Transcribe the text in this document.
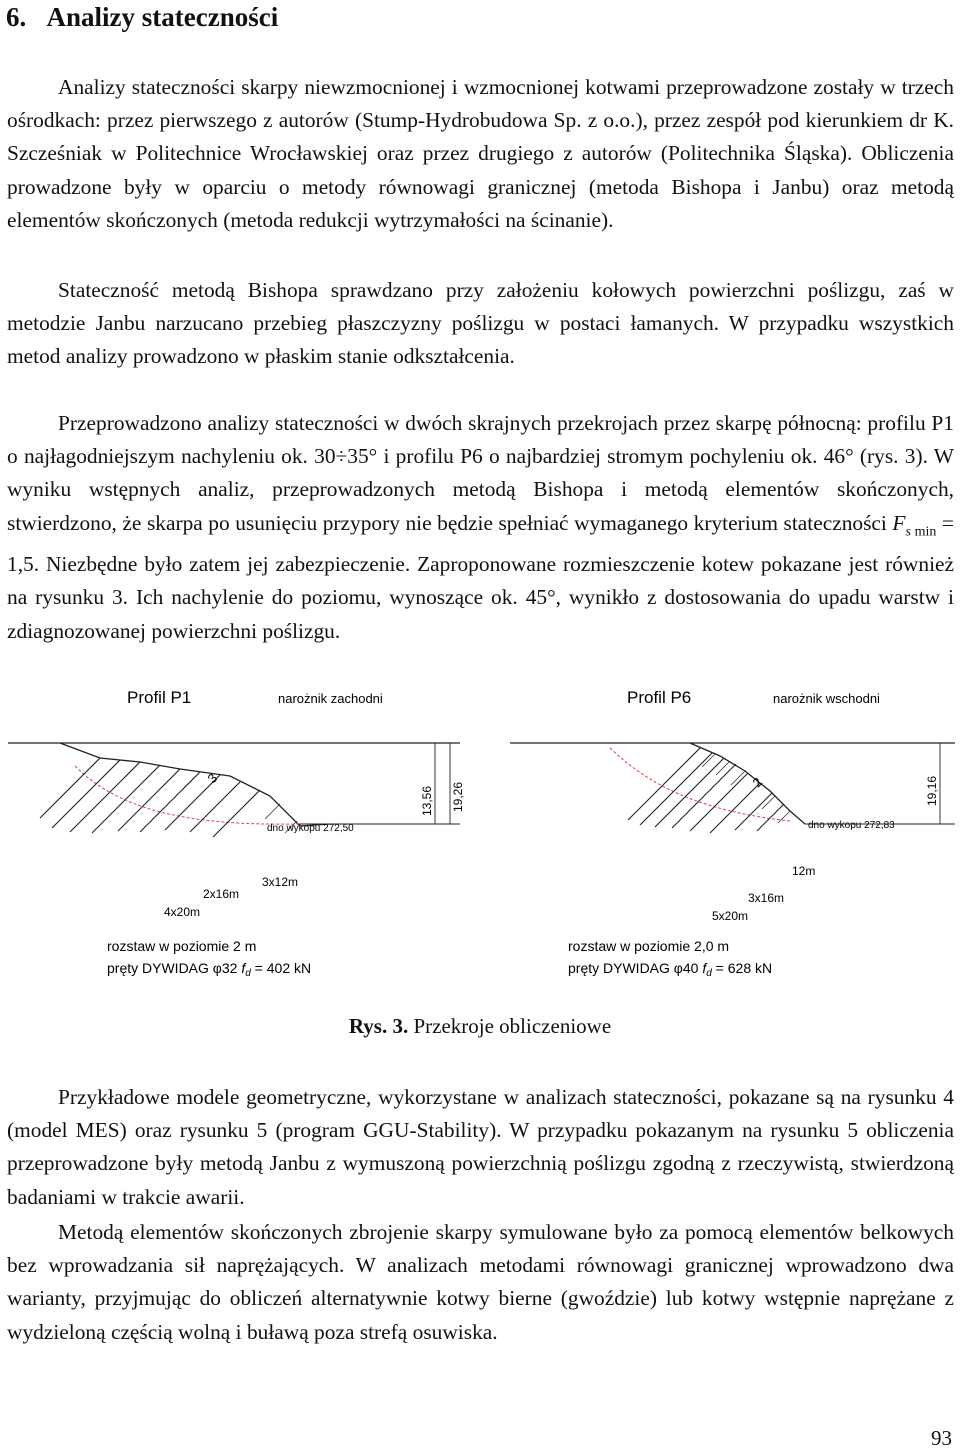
6. Analizy stateczności

Analizy stateczności skarpy niewzmocnionej i wzmocnionej kotwami przeprowadzone zostały w trzech ośrodkach: przez pierwszego z autorów (Stump-Hydrobudowa Sp. z o.o.), przez zespół pod kierunkiem dr K. Szcześniak w Politechnice Wrocławskiej oraz przez drugiego z autorów (Politechnika Śląska). Obliczenia prowadzone były w oparciu o metody równowagi granicznej (metoda Bishopa i Janbu) oraz metodą elementów skończonych (metoda redukcji wytrzymałości na ścinanie).

Stateczność metodą Bishopa sprawdzano przy założeniu kołowych powierzchni poślizgu, zaś w metodzie Janbu narzucano przebieg płaszczyzny poślizgu w postaci łamanych. W przypadku wszystkich metod analizy prowadzono w płaskim stanie odkształcenia.

Przeprowadzono analizy stateczności w dwóch skrajnych przekrojach przez skarpę północną: profilu P1 o najłagodniejszym nachyleniu ok. 30÷35° i profilu P6 o najbardziej stromym pochyleniu ok. 46° (rys. 3). W wyniku wstępnych analiz, przeprowadzonych metodą Bishopa i metodą elementów skończonych, stwierdzono, że skarpa po usunięciu przypory nie będzie spełniać wymaganego kryterium stateczności $F_{s min} = 1,5$. Niezbędne było zatem jej zabezpieczenie. Zaproponowane rozmieszczenie kotew pokazane jest również na rysunku 3. Ich nachylenie do poziomu, wynoszące ok. 45°, wynikło z dostosowania do upadu warstw i zdiagnozowanej powierzchni poślizgu.

Profil P1	narożnik zachodni
3
13,56 19,26
dno wykopu 272,50
3x12m
2x16m
4x20m
rozstaw w poziomie 2 m
pręty DYWIDAG φ32 $f_d = 402$ kN
Profil P6	narożnik wschodni
2	19,16
dno wykopu 272,83
12m
3x16m
5x20m
rozstaw w poziomie 2,0 m
pręty DYWIDAG φ40 $f_d = 628$ kN
Rys. 3. Przekroje obliczeniowe

Przykładowe modele geometryczne, wykorzystane w analizach stateczności, pokazane są na rysunku 4 (model MES) oraz rysunku 5 (program GGU-Stability). W przypadku pokazanym na rysunku 5 obliczenia przeprowadzone były metodą Janbu z wymuszoną powierzchnią poślizgu zgodną z rzeczywistą, stwierdzoną badaniami w trakcie awarii.

Metodą elementów skończonych zbrojenie skarpy symulowane było za pomocą elementów belkowych bez wprowadzania sił naprężających. W analizach metodami równowagi granicznej wprowadzono dwa warianty, przyjmując do obliczeń alternatywnie kotwy bierne (gwoździe) lub kotwy wstępnie naprężane z wydzieloną częścią wolną i buławą poza strefą osuwiska.

93
